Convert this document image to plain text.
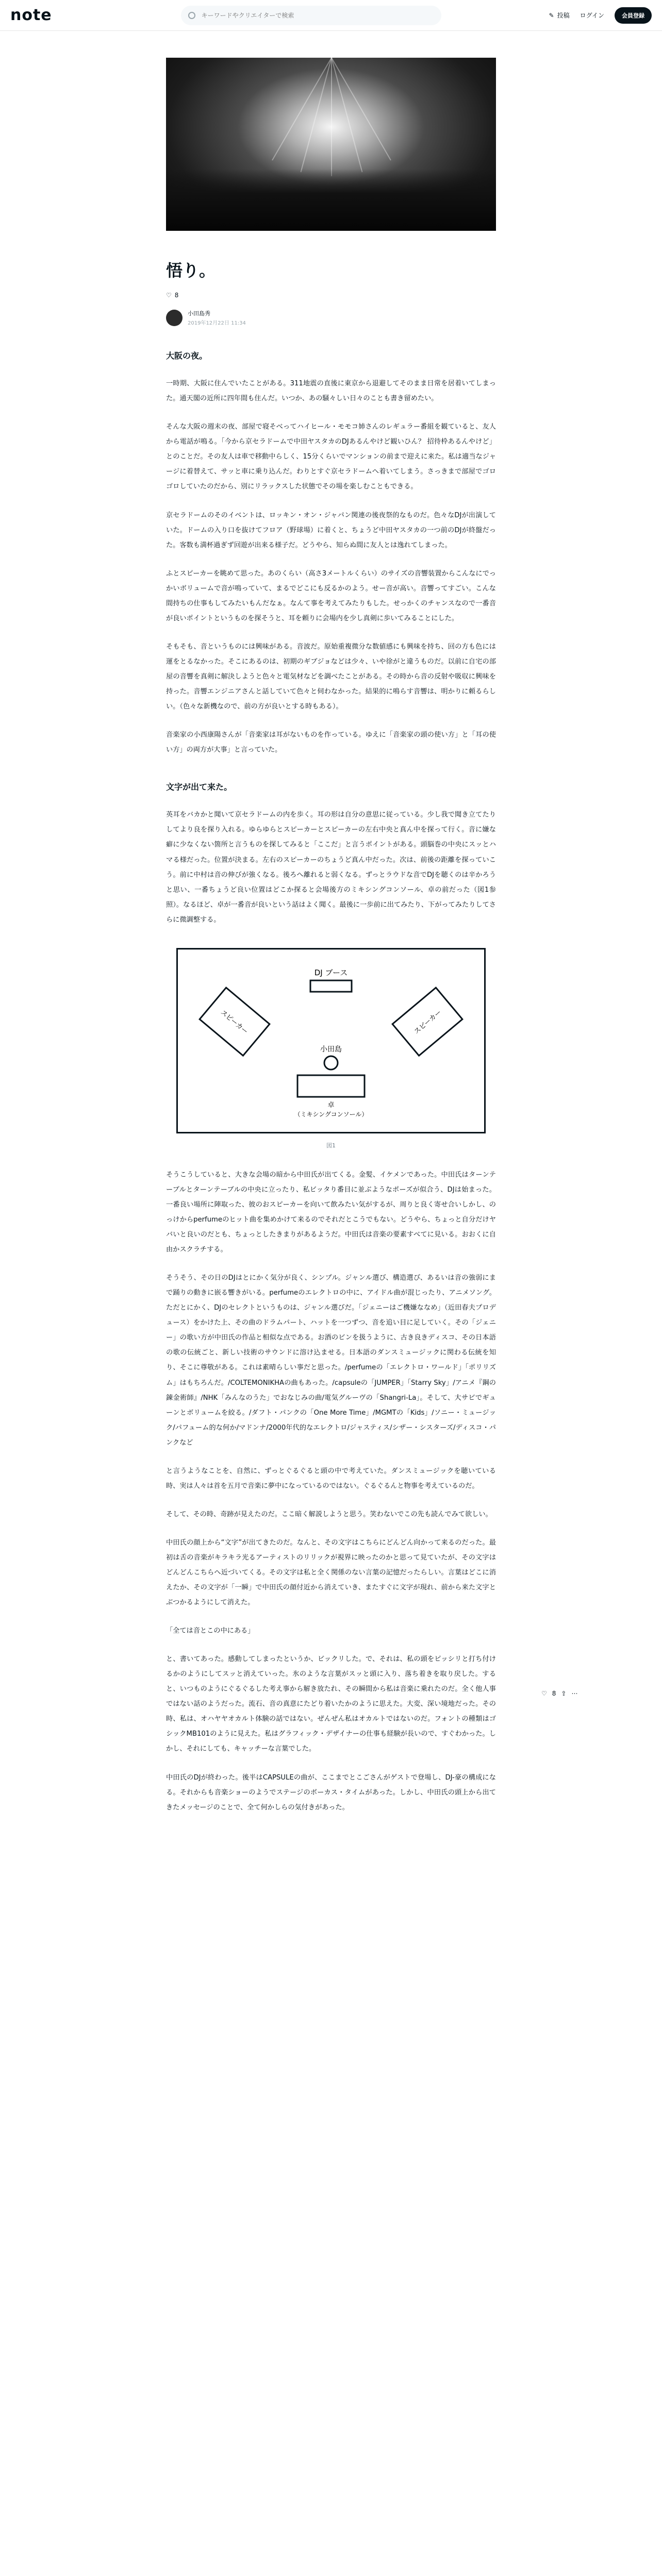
note
キーワードやクリエイターで検索	✎ 投稿 ログイン	会員登録
悟り。
♡ 8
小田島秀
2019年12月22日 11:34
大阪の夜。

一時期、大阪に住んでいたことがある。311地震の直後に東京から退避してそのまま日常を居着いてしまった。通天閣の近所に四年間も住んだ。いつか、あの騒々しい日々のことも書き留めたい。

そんな大阪の週末の夜、部屋で寝そべってハイヒール・モモコ姉さんのレギュラー番組を観ていると、友人から電話が鳴る。「今から京セラドームで中田ヤスタカのDJあるんやけど観いひん？ 招待枠あるんやけど」とのことだ。その友人は車で移動中らしく、15分くらいでマンションの前まで迎えに来た。私は適当なジャージに着替えて、サッと車に乗り込んだ。わりとすぐ京セラドームへ着いてしまう。さっきまで部屋でゴロゴロしていたのだから、別にリラックスした状態でその場を楽しむこともできる。

京セラドームのそのイベントは、ロッキン・オン・ジャパン関連の後夜祭的なものだ。色々なDJが出演していた。ドームの入り口を抜けてフロア（野球場）に着くと、ちょうど中田ヤスタカの一つ前のDJが終盤だった。客数も満杯過ぎず回遊が出来る様子だ。どうやら、知らぬ間に友人とは逸れてしまった。

ふとスピーカーを眺めて思った。あのくらい（高さ3メートルくらい）のサイズの音響装置からこんなにでっかいボリュームで音が鳴っていて、まるでどこにも反るかのよう。せー音が高い。音響ってすごい。こんな間持ちの仕事もしてみたいもんだなぁ。なんて事を考えてみたりもした。せっかくのチャンスなので一番音が良いポイントというものを探そうと、耳を頼りに会場内を少し真剣に歩いてみることにした。

そもそも、音というものには興味がある。音波だ。原始重複微分な数値感にも興味を持ち、回の方も色には運をとるなかった。そこにあるのは、初期のギブジョなどは少々、いや徐がと違うものだ。以前に自宅の部屋の音響を真剣に解決しようと色々と電気材などを調べたことがある。その時から音の反射や吸収に興味を持った。音響エンジニアさんと話していて色々と伺わなかった。結果的に鳴らす音響は、明かりに頼るらしい。（色々な新機なので、前の方が良いとする時もある）。

音楽家の小西康陽さんが「音楽家は耳がないものを作っている。ゆえに「音楽家の頭の使い方」と「耳の使い方」の両方が大事」と言っていた。

文字が出て来た。

英耳をバカかと聞いて京セラドームの内を歩く。耳の形は自分の意思に従っている。少し我で聞き立てたりしてより良を探り入れる。ゆらゆらとスピーカーとスピーカーの左右中央と真ん中を探って行く。音に嫌な癖に少なくない箇所と言うものを探してみると「ここだ」と言うポイントがある。頭脳巻の中央にスッとハマる様だった。位置が決まる。左右のスピーカーのちょうど真ん中だった。次は、前後の距離を探っていこう。前に中村は音の伸びが強くなる。後ろへ離れると弱くなる。ずっとラウドな音でDJを聴くのは辛かろうと思い、一番ちょうど良い位置はどこか探ると会場後方のミキシングコンソール、卓の前だった（図1参照）。なるほど、卓が一番音が良いという話はよく聞く。最後に一歩前に出てみたり、下がってみたりしてさらに微調整する。

DJ ブース
スピーカー	スピーカー
小田島
卓
（ミキシングコンソール）
図1

そうこうしていると、大きな会場の暗から中田氏が出てくる。金髪、イケメンであった。中田氏はターンテーブルとターンテーブルの中央に立ったり、私ビッタり番目に並ぶようなポーズが似合う、DJは始まった。一番良い場所に陣取った、彼のおスピーカーを向いて飲みたい気がするが、周りと良く寄せ合いしかし、のっけからperfumeのヒット曲を集めかけて来るのでそれだとこうでもない。どうやら、ちょっと自分だけヤバいと良いのだとも、ちょっとしたきまりがあるようだ。中田氏は音楽の要素すべてに見いる。おおくに自由かスクラチする。

そうそう、その日のDJはとにかく気分が良く、シンプル。ジャンル選び、構造選び、あるいは音の強弱にまで踊りの動きに嵌る響きがいる。perfumeのエレクトロの中に、アイドル曲が混じったり、アニメソング。ただとにかく、DJのセレクトというものは、ジャンル選びだ。「ジェニーはご機嫌ななめ」（近田春夫プロデュース）をかけた上、その曲のドラムパート、ハットを一つずつ、音を追い目に足していく。その「ジェニー」の歌い方が中田氏の作品と相似な点である。お酒のビンを扱うように、古き良きディスコ、その日本語の歌の伝統ごと、新しい技術のサウンドに溶け込ませる。日本語のダンスミュージックに関わる伝統を知り、そこに尊敬がある。これは素晴らしい事だと思った。/perfumeの「エレクトロ・ワールド」「ポリリズム」はもちろんだ。/COLTEMONIKHAの曲もあった。/capsuleの「JUMPER」「Starry Sky」/アニメ『鋼の錬金術師』/NHK「みんなのうた」でおなじみの曲/電気グルーヴの「Shangri-La」。そして、大サビでギューンとボリュームを絞る。/ダフト・パンクの「One More Time」/MGMTの「Kids」/ソニー・ミュージック/パフューム的な何か/マドンナ/2000年代的なエレクトロ/ジャスティス/シザー・シスターズ/ディスコ・パンクなど

と言うようなことを、自然に、ずっとぐるぐると頭の中で考えていた。ダンスミュージックを聴いている時、実は人々は首を五月で音楽に夢中になっているのではない。ぐるぐるんと物事を考えているのだ。

そして、その時、奇跡が見えたのだ。ここ暗く解説しようと思う。笑わないでこの先も読んでみて欲しい。

中田氏の顔上から“文字”が出てきたのだ。なんと、その文字はこちらにどんどん向かって来るのだった。最初は舌の音楽がキラキラ光るアーティストのリリックが視界に映ったのかと思って見ていたが、その文字はどんどんこちらへ近づいてくる。その文字は私と全く関係のない言葉の記憶だったらしい。言葉はどこに消えたか、その文字が「一瞬」で中田氏の顔付近から消えていき、またすぐに文字が現れ、前から来た文字とぶつかるようにして消えた。

「全ては音とこの中にある」

と、書いてあった。感動してしまったというか、ビックリした。で、それは、私の頭をピッシリと打ち付けるかのようにしてスッと消えていった。氷のような言葉がスッと頭に入り、落ち着きを取り戻した。すると、いつものようにぐるぐるした考え事から解き放たれ、その瞬間から私は音楽に乗れたのだ。全く他人事ではない話のようだった。流石、音の真意にたどり着いたかのように思えた。大変、深い境地だった。その時、私は、オハヤヤオカルト体験の話ではない。ぜんぜん私はオカルトではないのだ。フォントの種類はゴシックMB101のように見えた。私はグラフィック・デザイナーの仕事も経験が長いので、すぐわかった。しかし、それにしても、キャッチーな言葉でした。

中田氏のDJが終わった。後半はCAPSULEの曲が、ここまでとこごさんがゲストで登場し、DJ-豪の構成になる。それからも音楽ショーのようでステージのボーカス・タイムがあった。しかし、中田氏の頭上から出てきたメッセージのことで、全て何かしらの気付きがあった。

♡ 8 ⇪ ⋯
